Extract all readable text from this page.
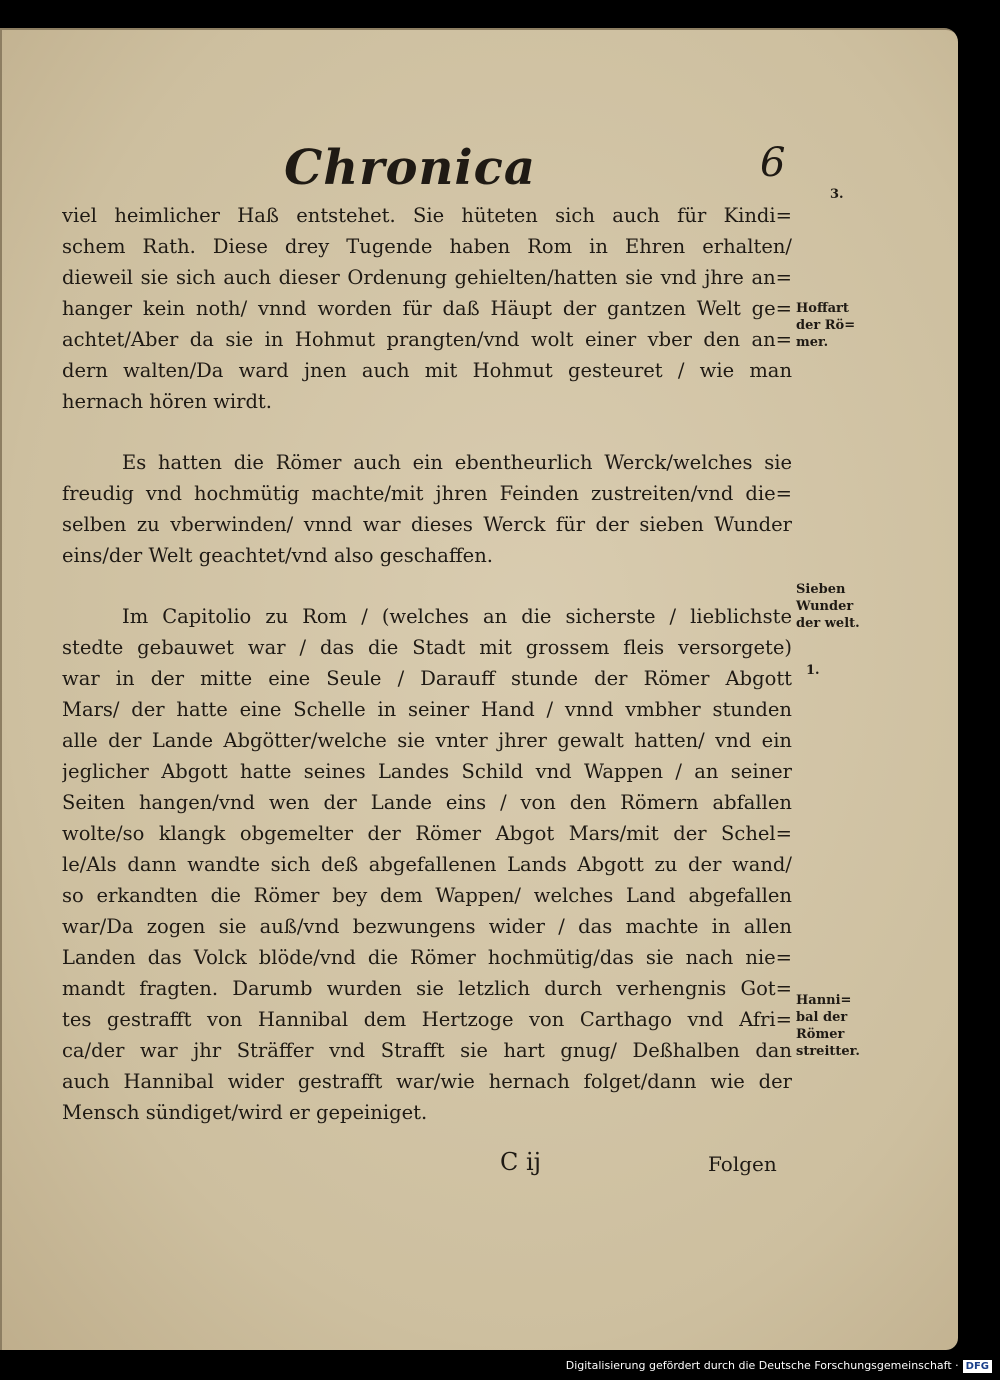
Chronica	6
viel heimlicher Haß entstehet. Sie hüteten sich auch für Kindi=
schem Rath. Diese drey Tugende haben Rom in Ehren erhalten/
dieweil sie sich auch dieser Ordenung gehielten/hatten sie vnd jhre an=
hanger kein noth/ vnnd worden für daß Häupt der gantzen Welt ge=
achtet/Aber da sie in Hohmut prangten/vnd wolt einer vber den an=
dern walten/Da ward jnen auch mit Hohmut gesteuret / wie man
hernach hören wirdt.
Es hatten die Römer auch ein ebentheurlich Werck/welches sie
freudig vnd hochmütig machte/mit jhren Feinden zustreiten/vnd die=
selben zu vberwinden/ vnnd war dieses Werck für der sieben Wunder
eins/der Welt geachtet/vnd also geschaffen.
Im Capitolio zu Rom / (welches an die sicherste / lieblichste
stedte gebauwet war / das die Stadt mit grossem fleis versorgete)
war in der mitte eine Seule / Darauff stunde der Römer Abgott
Mars/ der hatte eine Schelle in seiner Hand / vnnd vmbher stunden
alle der Lande Abgötter/welche sie vnter jhrer gewalt hatten/ vnd ein
jeglicher Abgott hatte seines Landes Schild vnd Wappen / an seiner
Seiten hangen/vnd wen der Lande eins / von den Römern abfallen
wolte/so klangk obgemelter der Römer Abgot Mars/mit der Schel=
le/Als dann wandte sich deß abgefallenen Lands Abgott zu der wand/
so erkandten die Römer bey dem Wappen/ welches Land abgefallen
war/Da zogen sie auß/vnd bezwungens wider / das machte in allen
Landen das Volck blöde/vnd die Römer hochmütig/das sie nach nie=
mandt fragten. Darumb wurden sie letzlich durch verhengnis Got=
tes gestrafft von Hannibal dem Hertzoge von Carthago vnd Afri=
ca/der war jhr Sträffer vnd Strafft sie hart gnug/ Deßhalben dan
auch Hannibal wider gestrafft war/wie hernach folget/dann wie der
Mensch sündiget/wird er gepeiniget.
3.
Hoffart
der Rö=
mer.
Sieben
Wunder
der welt.
1.
Hanni=
bal der
Römer
streitter.
C ij	Folgen
Digitalisierung gefördert durch die Deutsche Forschungsgemeinschaft · DFG
